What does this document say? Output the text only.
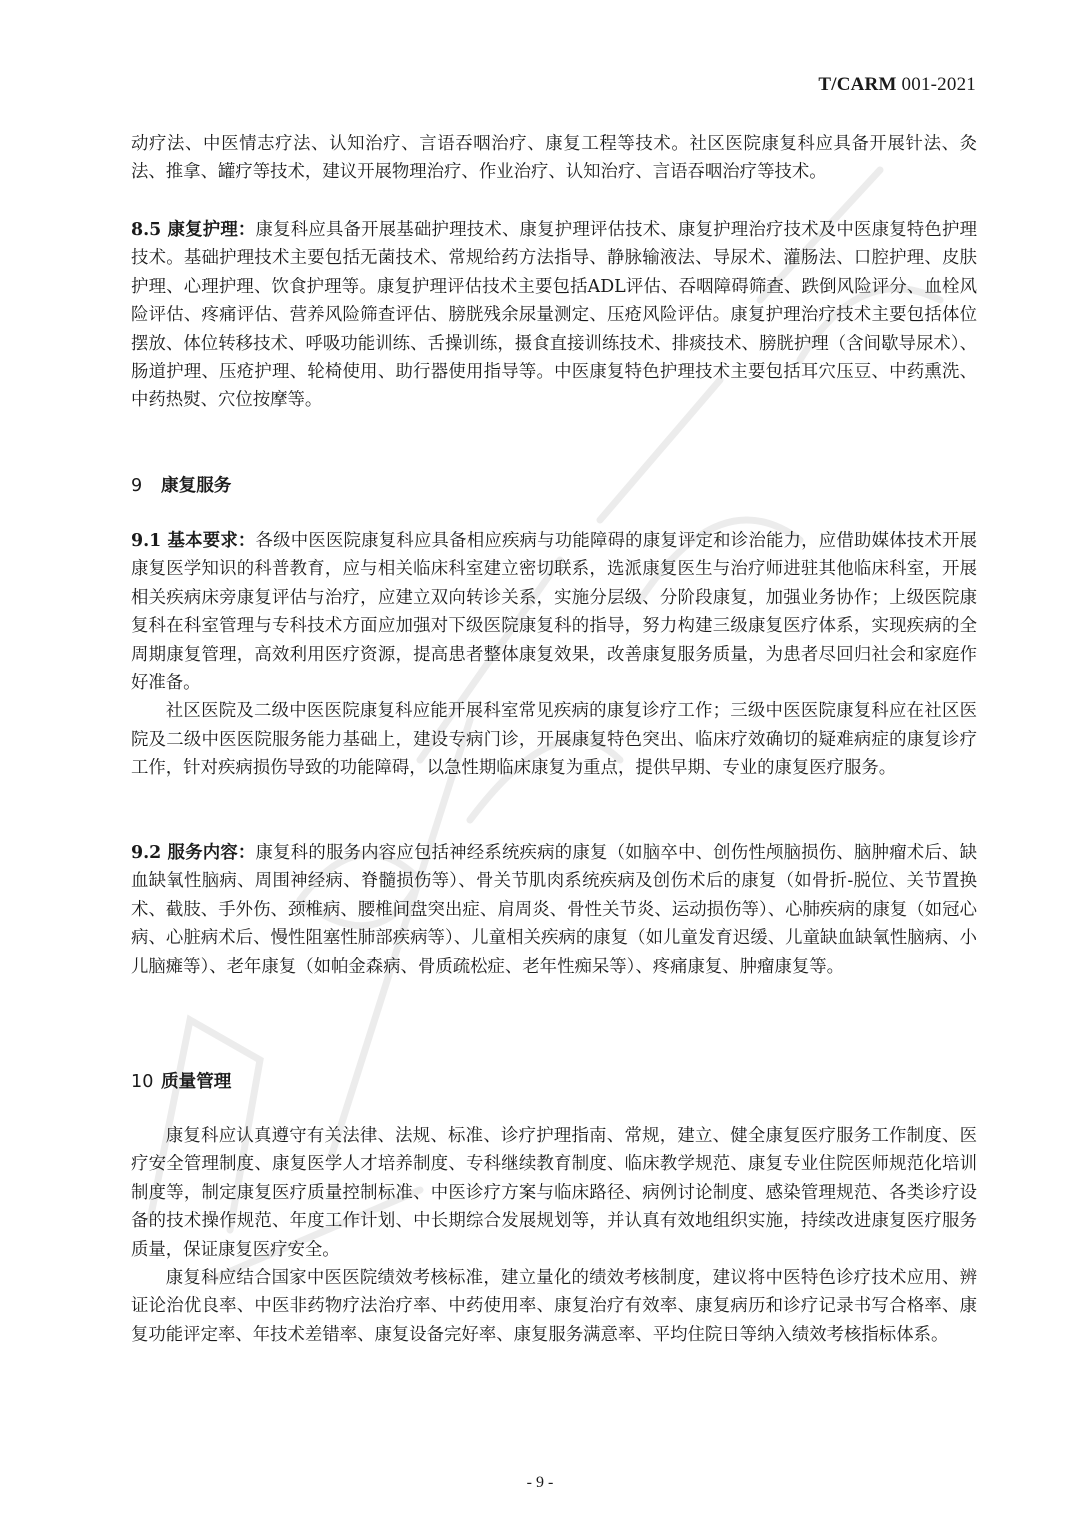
T/CARM 001-2021

动疗法、中医情志疗法、认知治疗、言语吞咽治疗、康复工程等技术。社区医院康复科应具备开展针法、灸法、推拿、罐疗等技术，建议开展物理治疗、作业治疗、认知治疗、言语吞咽治疗等技术。

8.5 康复护理：康复科应具备开展基础护理技术、康复护理评估技术、康复护理治疗技术及中医康复特色护理技术。基础护理技术主要包括无菌技术、常规给药方法指导、静脉输液法、导尿术、灌肠法、口腔护理、皮肤护理、心理护理、饮食护理等。康复护理评估技术主要包括ADL评估、吞咽障碍筛查、跌倒风险评分、血栓风险评估、疼痛评估、营养风险筛查评估、膀胱残余尿量测定、压疮风险评估。康复护理治疗技术主要包括体位摆放、体位转移技术、呼吸功能训练、舌操训练，摄食直接训练技术、排痰技术、膀胱护理（含间歇导尿术）、肠道护理、压疮护理、轮椅使用、助行器使用指导等。中医康复特色护理技术主要包括耳穴压豆、中药熏洗、中药热熨、穴位按摩等。

9 康复服务

9.1 基本要求：各级中医医院康复科应具备相应疾病与功能障碍的康复评定和诊治能力，应借助媒体技术开展康复医学知识的科普教育，应与相关临床科室建立密切联系，选派康复医生与治疗师进驻其他临床科室，开展相关疾病床旁康复评估与治疗，应建立双向转诊关系，实施分层级、分阶段康复，加强业务协作；上级医院康复科在科室管理与专科技术方面应加强对下级医院康复科的指导，努力构建三级康复医疗体系，实现疾病的全周期康复管理，高效利用医疗资源，提高患者整体康复效果，改善康复服务质量，为患者尽回归社会和家庭作好准备。

社区医院及二级中医医院康复科应能开展科室常见疾病的康复诊疗工作；三级中医医院康复科应在社区医院及二级中医医院服务能力基础上，建设专病门诊，开展康复特色突出、临床疗效确切的疑难病症的康复诊疗工作，针对疾病损伤导致的功能障碍，以急性期临床康复为重点，提供早期、专业的康复医疗服务。

9.2 服务内容：康复科的服务内容应包括神经系统疾病的康复（如脑卒中、创伤性颅脑损伤、脑肿瘤术后、缺血缺氧性脑病、周围神经病、脊髓损伤等）、骨关节肌肉系统疾病及创伤术后的康复（如骨折-脱位、关节置换术、截肢、手外伤、颈椎病、腰椎间盘突出症、肩周炎、骨性关节炎、运动损伤等）、心肺疾病的康复（如冠心病、心脏病术后、慢性阻塞性肺部疾病等）、儿童相关疾病的康复（如儿童发育迟缓、儿童缺血缺氧性脑病、小儿脑瘫等）、老年康复（如帕金森病、骨质疏松症、老年性痴呆等）、疼痛康复、肿瘤康复等。

10 质量管理

康复科应认真遵守有关法律、法规、标准、诊疗护理指南、常规，建立、健全康复医疗服务工作制度、医疗安全管理制度、康复医学人才培养制度、专科继续教育制度、临床教学规范、康复专业住院医师规范化培训制度等，制定康复医疗质量控制标准、中医诊疗方案与临床路径、病例讨论制度、感染管理规范、各类诊疗设备的技术操作规范、年度工作计划、中长期综合发展规划等，并认真有效地组织实施，持续改进康复医疗服务质量，保证康复医疗安全。

康复科应结合国家中医医院绩效考核标准，建立量化的绩效考核制度，建议将中医特色诊疗技术应用、辨证论治优良率、中医非药物疗法治疗率、中药使用率、康复治疗有效率、康复病历和诊疗记录书写合格率、康复功能评定率、年技术差错率、康复设备完好率、康复服务满意率、平均住院日等纳入绩效考核指标体系。

- 9 -
